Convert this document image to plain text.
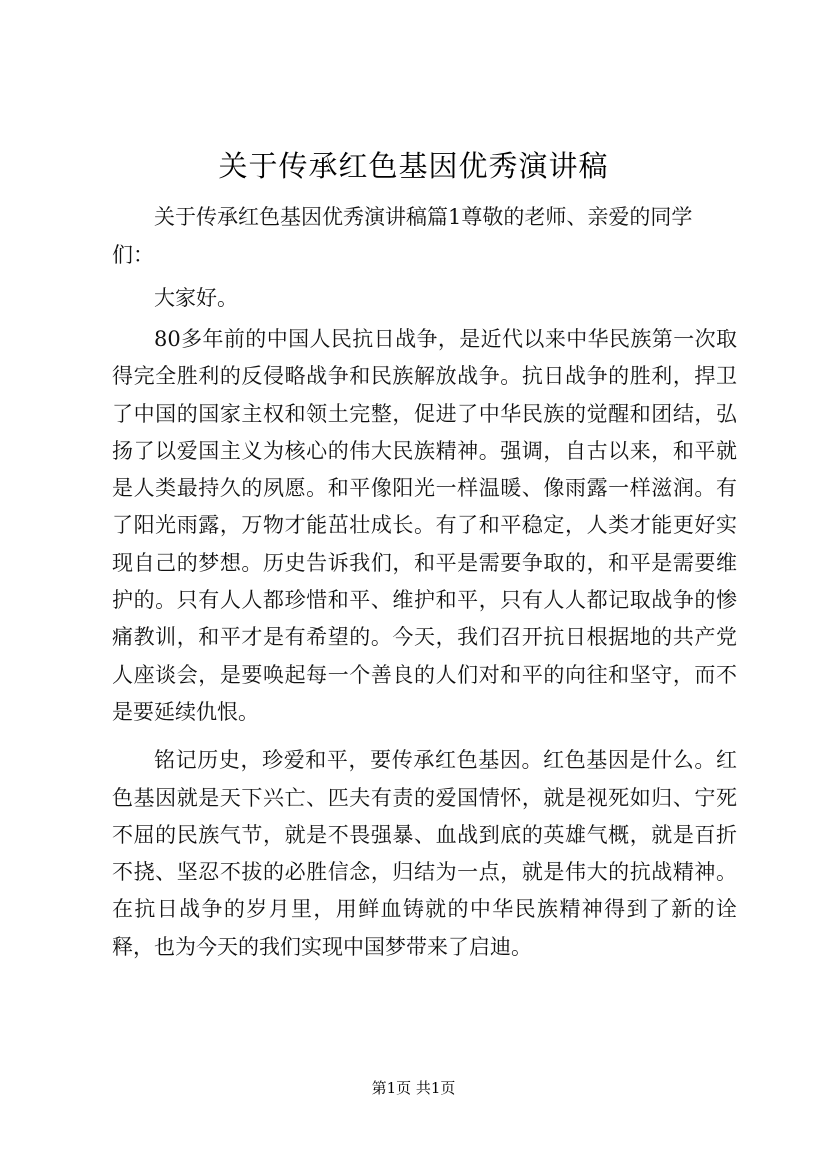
关于传承红色基因优秀演讲稿

关于传承红色基因优秀演讲稿篇1尊敬的老师、亲爱的同学们：

大家好。

80多年前的中国人民抗日战争，是近代以来中华民族第一次取得完全胜利的反侵略战争和民族解放战争。抗日战争的胜利，捍卫了中国的国家主权和领土完整，促进了中华民族的觉醒和团结，弘扬了以爱国主义为核心的伟大民族精神。强调，自古以来，和平就是人类最持久的夙愿。和平像阳光一样温暖、像雨露一样滋润。有了阳光雨露，万物才能茁壮成长。有了和平稳定，人类才能更好实现自己的梦想。历史告诉我们，和平是需要争取的，和平是需要维护的。只有人人都珍惜和平、维护和平，只有人人都记取战争的惨痛教训，和平才是有希望的。今天，我们召开抗日根据地的共产党人座谈会，是要唤起每一个善良的人们对和平的向往和坚守，而不是要延续仇恨。

铭记历史，珍爱和平，要传承红色基因。红色基因是什么。红色基因就是天下兴亡、匹夫有责的爱国情怀，就是视死如归、宁死不屈的民族气节，就是不畏强暴、血战到底的英雄气概，就是百折不挠、坚忍不拔的必胜信念，归结为一点，就是伟大的抗战精神。在抗日战争的岁月里，用鲜血铸就的中华民族精神得到了新的诠释，也为今天的我们实现中国梦带来了启迪。

第1页 共1页
